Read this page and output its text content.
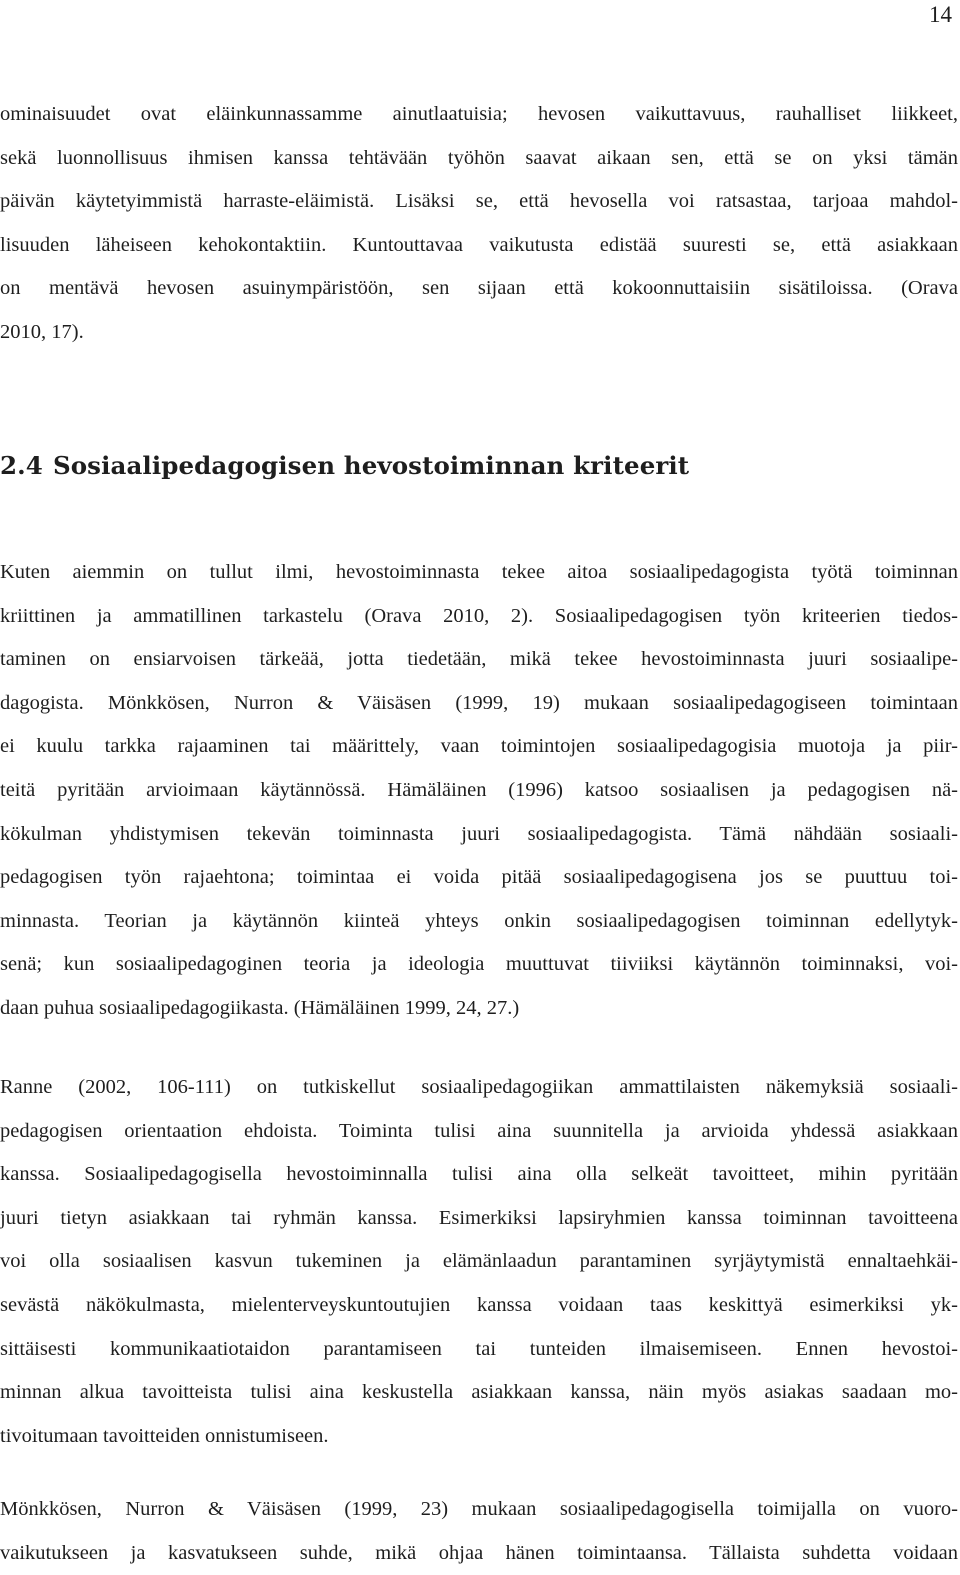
14
ominaisuudet ovat eläinkunnassamme ainutlaatuisia; hevosen vaikuttavuus, rauhalliset liikkeet,
sekä luonnollisuus ihmisen kanssa tehtävään työhön saavat aikaan sen, että se on yksi tämän
päivän käytetyimmistä harraste-eläimistä. Lisäksi se, että hevosella voi ratsastaa, tarjoaa mahdol-
lisuuden läheiseen kehokontaktiin. Kuntouttavaa vaikutusta edistää suuresti se, että asiakkaan
on mentävä hevosen asuinympäristöön, sen sijaan että kokoonnuttaisiin sisätiloissa. (Orava
2010, 17).
2.4 Sosiaalipedagogisen hevostoiminnan kriteerit
Kuten aiemmin on tullut ilmi, hevostoiminnasta tekee aitoa sosiaalipedagogista työtä toiminnan
kriittinen ja ammatillinen tarkastelu (Orava 2010, 2). Sosiaalipedagogisen työn kriteerien tiedos-
taminen on ensiarvoisen tärkeää, jotta tiedetään, mikä tekee hevostoiminnasta juuri sosiaalipe-
dagogista. Mönkkösen, Nurron & Väisäsen (1999, 19) mukaan sosiaalipedagogiseen toimintaan
ei kuulu tarkka rajaaminen tai määrittely, vaan toimintojen sosiaalipedagogisia muotoja ja piir-
teitä pyritään arvioimaan käytännössä. Hämäläinen (1996) katsoo sosiaalisen ja pedagogisen nä-
kökulman yhdistymisen tekevän toiminnasta juuri sosiaalipedagogista. Tämä nähdään sosiaali-
pedagogisen työn rajaehtona; toimintaa ei voida pitää sosiaalipedagogisena jos se puuttuu toi-
minnasta. Teorian ja käytännön kiinteä yhteys onkin sosiaalipedagogisen toiminnan edellytyk-
senä; kun sosiaalipedagoginen teoria ja ideologia muuttuvat tiiviiksi käytännön toiminnaksi, voi-
daan puhua sosiaalipedagogiikasta. (Hämäläinen 1999, 24, 27.)
Ranne (2002, 106-111) on tutkiskellut sosiaalipedagogiikan ammattilaisten näkemyksiä sosiaali-
pedagogisen orientaation ehdoista. Toiminta tulisi aina suunnitella ja arvioida yhdessä asiakkaan
kanssa. Sosiaalipedagogisella hevostoiminnalla tulisi aina olla selkeät tavoitteet, mihin pyritään
juuri tietyn asiakkaan tai ryhmän kanssa. Esimerkiksi lapsiryhmien kanssa toiminnan tavoitteena
voi olla sosiaalisen kasvun tukeminen ja elämänlaadun parantaminen syrjäytymistä ennaltaehkäi-
sevästä näkökulmasta, mielenterveyskuntoutujien kanssa voidaan taas keskittyä esimerkiksi yk-
sittäisesti kommunikaatiotaidon parantamiseen tai tunteiden ilmaisemiseen. Ennen hevostoi-
minnan alkua tavoitteista tulisi aina keskustella asiakkaan kanssa, näin myös asiakas saadaan mo-
tivoitumaan tavoitteiden onnistumiseen.
Mönkkösen, Nurron & Väisäsen (1999, 23) mukaan sosiaalipedagogisella toimijalla on vuoro-
vaikutukseen ja kasvatukseen suhde, mikä ohjaa hänen toimintaansa. Tällaista suhdetta voidaan
